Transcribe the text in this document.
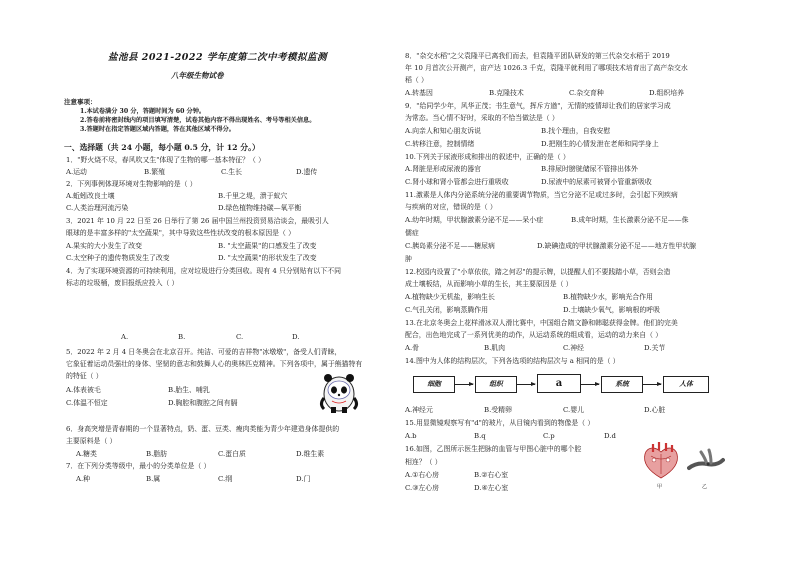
盐池县 2021-2022 学年度第二次中考模拟监测
八年级生物试卷
注意事项：
1.本试卷满分 30 分，答题时间为 60 分钟。
2.答卷前将密封线内的项目填写清楚，试卷其他内容不得出现姓名、考号等相关信息。
3.答题时在指定答题区域内答题，答在其他区域不得分。
一、选择题（共 24 小题，每小题 0.5 分，计 12 分。）
1．"野火烧不尽，春风吹又生"体现了生物的哪一基本特征？（ ）
A.运动	B.繁殖	C.生长	D.遗传
2．下列事例体现环境对生物影响的是（ ）
A.蚯蚓改良土壤	B.千里之堤，溃于蚁穴
C.人类治理河流污染	D.绿色植物维持碳—氧平衡
3．2021 年 10 月 22 日至 26 日举行了第 26 届中国兰州投资贸易洽谈会，最吸引人
眼球的是丰富多样的"太空蔬果"，其中导致这些性状改变的根本原因是（ ）
A.果实的大小发生了改变	B. "太空蔬果"的口感发生了改变
C.太空种子的遗传物质发生了改变	D. "太空蔬果"的形状发生了改变
4．为了实现环境资源的可持续利用，应对垃圾进行分类回收。现有 4 只分别贴有以下不同
标志的垃圾桶，废旧报纸应投入（ ）
A.	B.	C.	D.
5．2022 年 2 月 4 日冬奥会在北京召开。纯洁、可爱的吉祥物"冰墩墩"，备受人们青睐，
它象征着运动员强壮的身体、坚韧的意志和鼓舞人心的奥林匹克精神。下列各项中，属于熊猫特有
的特征（ ）
A.体表被毛	B.胎生、哺乳
C.体温不恒定	D.胸腔和腹腔之间有膈
6．身高突增是青春期的一个显著特点，奶、蛋、豆类、瘦肉类能为青少年建造身体提供的
主要原料是（ ）
A.糖类	B.脂肪	C.蛋白质	D.维生素
7．在下列分类等级中，最小的分类单位是（ ）
A.种	B.属	C.纲	D.门
8．"杂交水稻"之父袁隆平已离我们而去，但袁隆平团队研发的第三代杂交水稻于 2019
年 10 月首次公开测产，亩产达 1026.3 千克，袁隆平就利用了哪项技术培育出了高产杂交水
稻（ ）
A.转基因	B.克隆技术	C.杂交育种	D.组织培养
9．"给同学少年，风华正茂；书生意气，挥斥方遒"，无情的疫情却让我们的居家学习成
为常态。当心情不好时，采取的不恰当做法是（ ）
A.向亲人和知心朋友诉说	B.找个理由，自我安慰
C.转移注意，控制情绪	D.把刚生的心情发泄在老师和同学身上
10.下列关于尿液形成和排出的叙述中，正确的是（ ）
A.肾脏是形成尿液的器官	B.排尿时膀胱储尿不管排出体外
C.肾小球和肾小管都会进行重吸收	D.尿液中的尿素可被肾小管重新吸收
11.激素是人体内分泌系统分泌的重要调节物质，当它分泌不足或过多时，会引起下列疾病
与疾病的对应，错误的是（ ）
A.幼年时期，甲状腺激素分泌不足——呆小症	B.成年时期，生长激素分泌不足——侏
儒症
C.胰岛素分泌不足——糖尿病	D.缺碘造成的甲状腺激素分泌不足——地方性甲状腺
肿
12.校园内设置了"小草依依，踏之何忍"的提示牌，以提醒人们不要践踏小草，否则会造
成土壤板结，从而影响小草的生长，其主要原因是（ ）
A.植物缺少无机盐，影响生长	B.植物缺少水，影响光合作用
C.气孔关闭，影响蒸腾作用	D.土壤缺少氧气，影响根的呼吸
13.在北京冬奥会上花样滑冰双人滑比赛中，中国组合隋文静和韩聪获得金牌。他们的完美
配合，出色地完成了一系列优美的动作，从运动系统的组成看，运动的动力来自（ ）
A.骨	B.肌肉	C.神经	D.关节
14.图中为人体的结构层次，下列各选项的结构层次与 a 相同的是（ ）
细胞	组织	a	系统	人体
A.神经元	B.受精卵	C.婴儿	D.心脏
15.用显微镜观察写有"d"的玻片，从目镜内看到的物像是（ ）
A.b	B.q	C.p	D.d
16.如图，乙图所示医生把脉的血管与甲图心脏中的哪个腔
相连？（ ）
A.①右心房	B.②右心室
C.③左心房	D.④左心室	甲	乙
